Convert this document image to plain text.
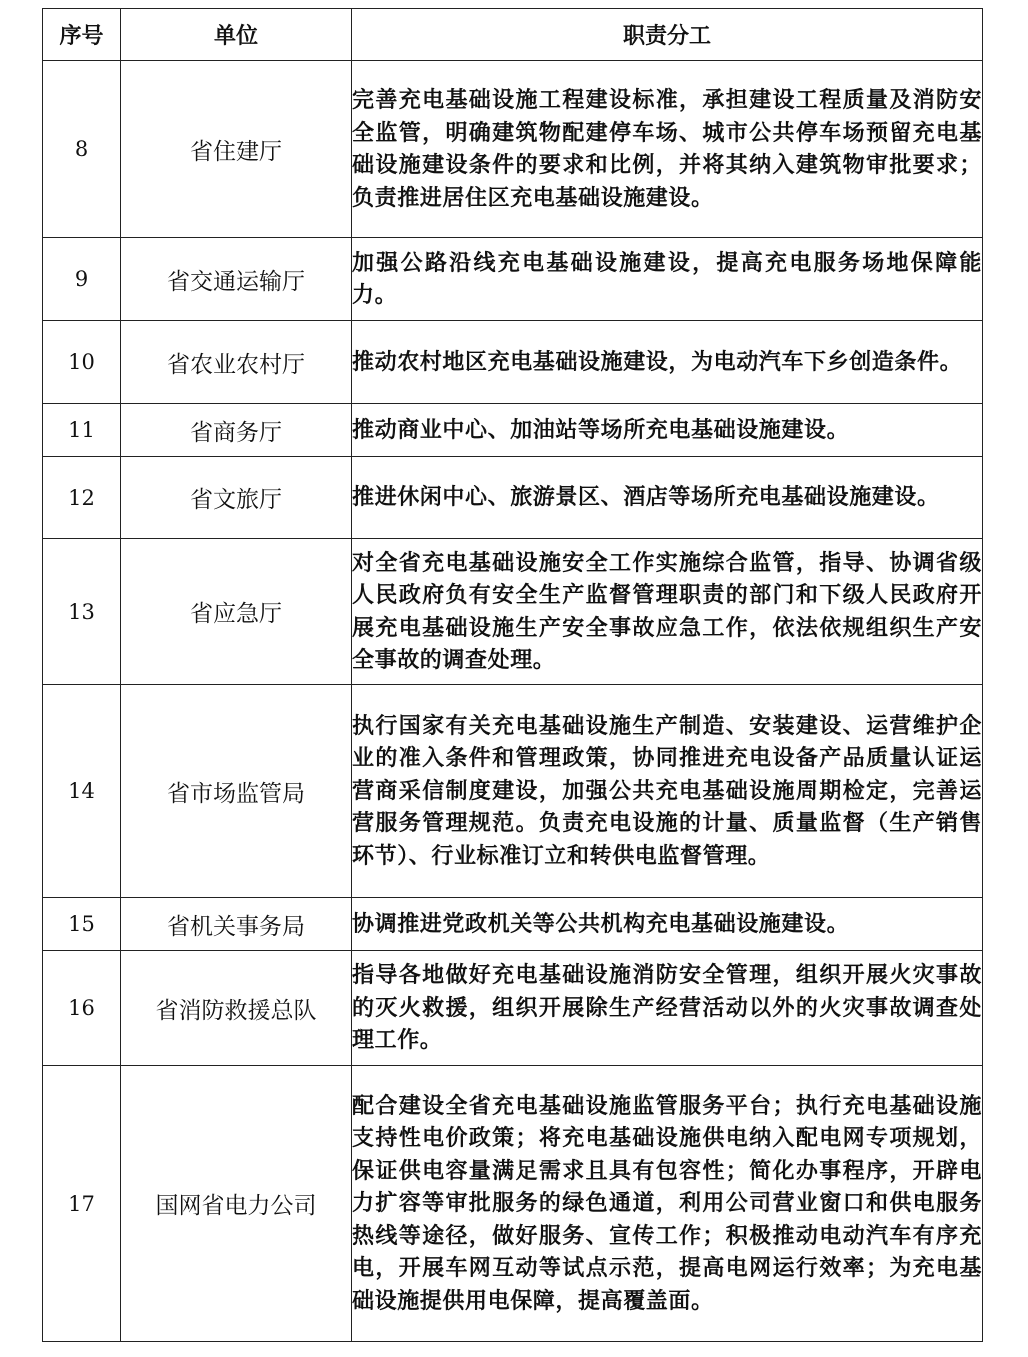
序号	单位	职责分工
8	省住建厅	完善充电基础设施工程建设标准，承担建设工程质量及消防安全监管，明确建筑物配建停车场、城市公共停车场预留充电基础设施建设条件的要求和比例，并将其纳入建筑物审批要求；负责推进居住区充电基础设施建设。
9	省交通运输厅	加强公路沿线充电基础设施建设，提高充电服务场地保障能力。
10	省农业农村厅	推动农村地区充电基础设施建设，为电动汽车下乡创造条件。
11	省商务厅	推动商业中心、加油站等场所充电基础设施建设。
12	省文旅厅	推进休闲中心、旅游景区、酒店等场所充电基础设施建设。
13	省应急厅	对全省充电基础设施安全工作实施综合监管，指导、协调省级人民政府负有安全生产监督管理职责的部门和下级人民政府开展充电基础设施生产安全事故应急工作，依法依规组织生产安全事故的调查处理。
14	省市场监管局	执行国家有关充电基础设施生产制造、安装建设、运营维护企业的准入条件和管理政策，协同推进充电设备产品质量认证运营商采信制度建设，加强公共充电基础设施周期检定，完善运营服务管理规范。负责充电设施的计量、质量监督（生产销售环节）、行业标准订立和转供电监督管理。
15	省机关事务局	协调推进党政机关等公共机构充电基础设施建设。
16	省消防救援总队	指导各地做好充电基础设施消防安全管理，组织开展火灾事故的灭火救援，组织开展除生产经营活动以外的火灾事故调查处理工作。
17	国网省电力公司	配合建设全省充电基础设施监管服务平台；执行充电基础设施支持性电价政策；将充电基础设施供电纳入配电网专项规划，保证供电容量满足需求且具有包容性；简化办事程序，开辟电力扩容等审批服务的绿色通道，利用公司营业窗口和供电服务热线等途径，做好服务、宣传工作；积极推动电动汽车有序充电，开展车网互动等试点示范，提高电网运行效率；为充电基础设施提供用电保障，提高覆盖面。
